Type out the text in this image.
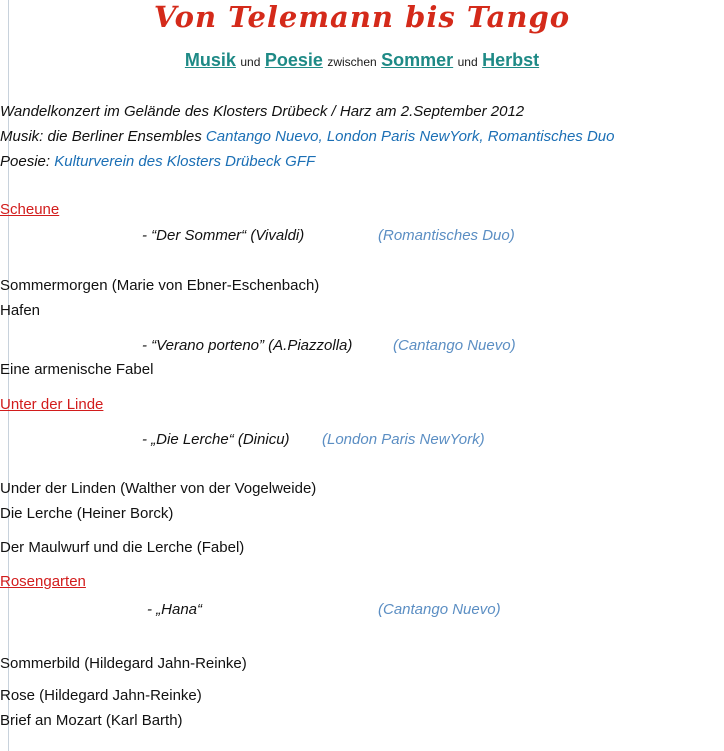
Von Telemann bis Tango
Musik und Poesie zwischen Sommer und Herbst
Wandelkonzert im Gelände des Klosters Drübeck / Harz am 2.September 2012
Musik: die Berliner Ensembles Cantango Nuevo, London Paris NewYork, Romantisches Duo
Poesie: Kulturverein des Klosters Drübeck GFF
Scheune
- “Der Sommer“ (Vivaldi)	(Romantisches Duo)
Sommermorgen (Marie von Ebner-Eschenbach)
Hafen
- “Verano porteno” (A.Piazzolla)	(Cantango Nuevo)
Eine armenische Fabel
Unter der Linde
- „Die Lerche“ (Dinicu) (London Paris NewYork)
Under der Linden (Walther von der Vogelweide)
Die Lerche (Heiner Borck)
Der Maulwurf und die Lerche (Fabel)
Rosengarten
- „Hana“	(Cantango Nuevo)
Sommerbild (Hildegard Jahn-Reinke)
Rose (Hildegard Jahn-Reinke)
Brief an Mozart (Karl Barth)
